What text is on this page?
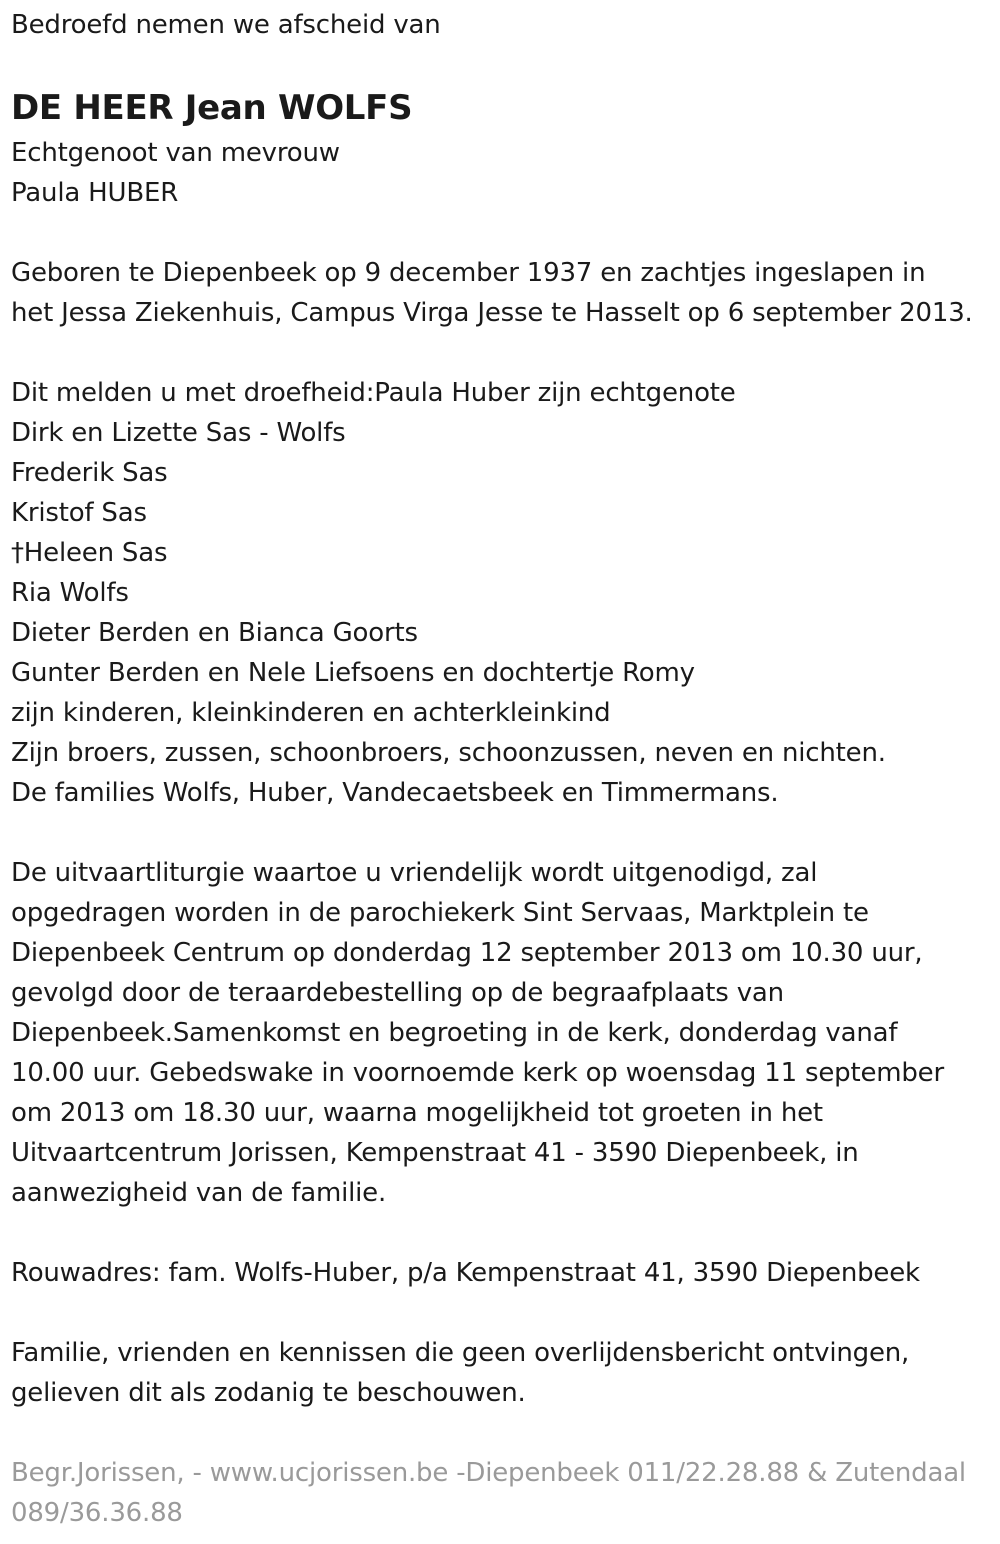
Bedroefd nemen we afscheid van
DE HEER Jean WOLFS
Echtgenoot van mevrouw
Paula HUBER
Geboren te Diepenbeek op 9 december 1937 en zachtjes ingeslapen in
het Jessa Ziekenhuis, Campus Virga Jesse te Hasselt op 6 september 2013.
Dit melden u met droefheid:Paula Huber zijn echtgenote
Dirk en Lizette Sas - Wolfs
Frederik Sas
Kristof Sas
†Heleen Sas
Ria Wolfs
Dieter Berden en Bianca Goorts
Gunter Berden en Nele Liefsoens en dochtertje Romy
zijn kinderen, kleinkinderen en achterkleinkind
Zijn broers, zussen, schoonbroers, schoonzussen, neven en nichten.
De families Wolfs, Huber, Vandecaetsbeek en Timmermans.
De uitvaartliturgie waartoe u vriendelijk wordt uitgenodigd, zal
opgedragen worden in de parochiekerk Sint Servaas, Marktplein te
Diepenbeek Centrum op donderdag 12 september 2013 om 10.30 uur,
gevolgd door de teraardebestelling op de begraafplaats van
Diepenbeek.Samenkomst en begroeting in de kerk, donderdag vanaf
10.00 uur. Gebedswake in voornoemde kerk op woensdag 11 september
om 2013 om 18.30 uur, waarna mogelijkheid tot groeten in het
Uitvaartcentrum Jorissen, Kempenstraat 41 - 3590 Diepenbeek, in
aanwezigheid van de familie.
Rouwadres: fam. Wolfs-Huber, p/a Kempenstraat 41, 3590 Diepenbeek
Familie, vrienden en kennissen die geen overlijdensbericht ontvingen,
gelieven dit als zodanig te beschouwen.
Begr.Jorissen, - www.ucjorissen.be -Diepenbeek 011/22.28.88 & Zutendaal
089/36.36.88
